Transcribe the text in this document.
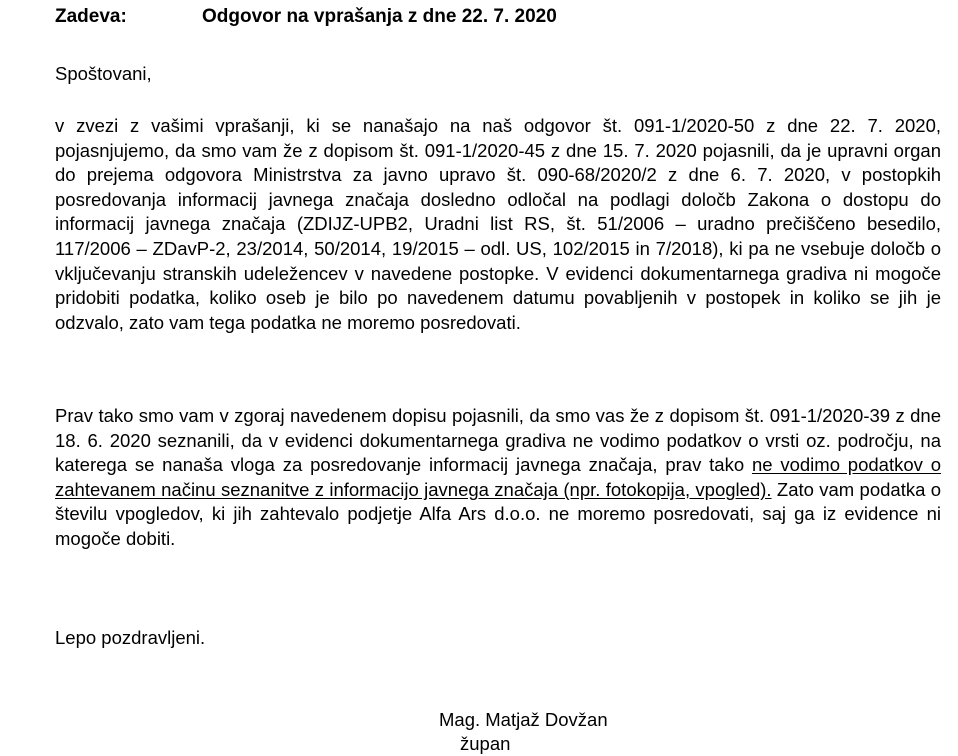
Zadeva:	Odgovor na vprašanja z dne 22. 7. 2020
Spoštovani,

v zvezi z vašimi vprašanji, ki se nanašajo na naš odgovor št. 091-1/2020-50 z dne 22. 7. 2020, pojasnjujemo, da smo vam že z dopisom št. 091-1/2020-45 z dne 15. 7. 2020 pojasnili, da je upravni organ do prejema odgovora Ministrstva za javno upravo št. 090-68/2020/2 z dne 6. 7. 2020, v postopkih posredovanja informacij javnega značaja dosledno odločal na podlagi določb Zakona o dostopu do informacij javnega značaja (ZDIJZ-UPB2, Uradni list RS, št. 51/2006 – uradno prečiščeno besedilo, 117/2006 – ZDavP-2, 23/2014, 50/2014, 19/2015 – odl. US, 102/2015 in 7/2018), ki pa ne vsebuje določb o vključevanju stranskih udeležencev v navedene postopke. V evidenci dokumentarnega gradiva ni mogoče pridobiti podatka, koliko oseb je bilo po navedenem datumu povabljenih v postopek in koliko se jih je odzvalo, zato vam tega podatka ne moremo posredovati.

Prav tako smo vam v zgoraj navedenem dopisu pojasnili, da smo vas že z dopisom št. 091-1/2020-39 z dne 18. 6. 2020 seznanili, da v evidenci dokumentarnega gradiva ne vodimo podatkov o vrsti oz. področju, na katerega se nanaša vloga za posredovanje informacij javnega značaja, prav tako ne vodimo podatkov o zahtevanem načinu seznanitve z informacijo javnega značaja (npr. fotokopija, vpogled). Zato vam podatka o številu vpogledov, ki jih zahtevalo podjetje Alfa Ars d.o.o. ne moremo posredovati, saj ga iz evidence ni mogoče dobiti.

Lepo pozdravljeni.
Mag. Matjaž Dovžan
župan
